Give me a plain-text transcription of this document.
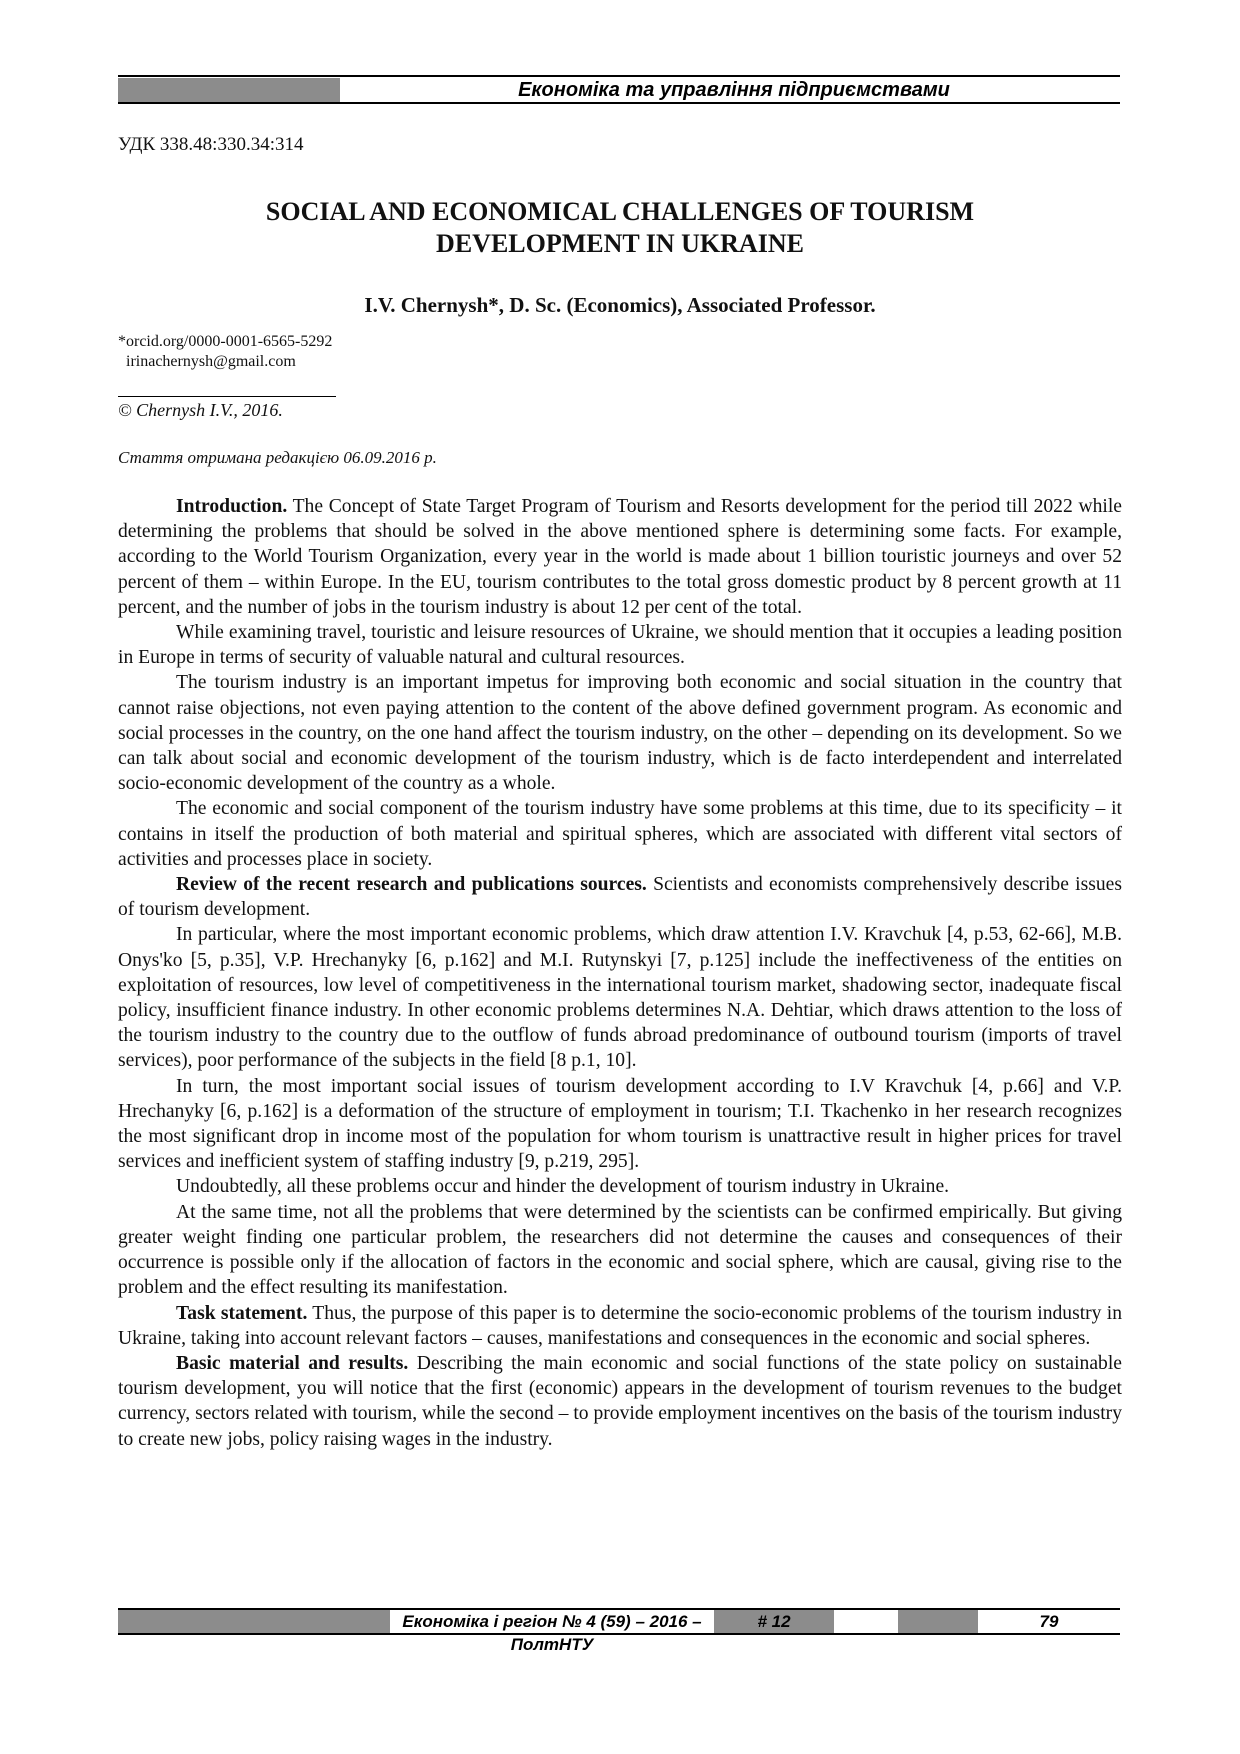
Економіка та управління підприємствами
УДК 338.48:330.34:314
SOCIAL AND ECONOMICAL CHALLENGES OF TOURISM
DEVELOPMENT IN UKRAINE
I.V. Chernysh*, D. Sc. (Economics), Associated Professor.
*orcid.org/0000-0001-6565-5292
irinachernysh@gmail.com
© Chernysh I.V., 2016.
Стаття отримана редакцією 06.09.2016 р.

Introduction. The Concept of State Target Program of Tourism and Resorts development for the period till 2022 while determining the problems that should be solved in the above mentioned sphere is determining some facts. For example, according to the World Tourism Organization, every year in the world is made about 1 billion touristic journeys and over 52 percent of them – within Europe. In the EU, tourism contributes to the total gross domestic product by 8 percent growth at 11 percent, and the number of jobs in the tourism industry is about 12 per cent of the total.

While examining travel, touristic and leisure resources of Ukraine, we should mention that it occupies a leading position in Europe in terms of security of valuable natural and cultural resources.

The tourism industry is an important impetus for improving both economic and social situation in the country that cannot raise objections, not even paying attention to the content of the above defined government program. As economic and social processes in the country, on the one hand affect the tourism industry, on the other – depending on its development. So we can talk about social and economic development of the tourism industry, which is de facto interdependent and interrelated socio-economic development of the country as a whole.

The economic and social component of the tourism industry have some problems at this time, due to its specificity – it contains in itself the production of both material and spiritual spheres, which are associated with different vital sectors of activities and processes place in society.

Review of the recent research and publications sources. Scientists and economists comprehensively describe issues of tourism development.

In particular, where the most important economic problems, which draw attention I.V. Kravchuk [4, p.53, 62-66], M.B. Onys'ko [5, p.35], V.P. Hrechanyky [6, p.162] and M.I. Rutynskyi [7, p.125] include the ineffectiveness of the entities on exploitation of resources, low level of competitiveness in the international tourism market, shadowing sector, inadequate fiscal policy, insufficient finance industry. In other economic problems determines N.A. Dehtiar, which draws attention to the loss of the tourism industry to the country due to the outflow of funds abroad predominance of outbound tourism (imports of travel services), poor performance of the subjects in the field [8 p.1, 10].

In turn, the most important social issues of tourism development according to I.V Kravchuk [4, p.66] and V.P. Hrechanyky [6, p.162] is a deformation of the structure of employment in tourism; T.I. Tkachenko in her research recognizes the most significant drop in income most of the population for whom tourism is unattractive result in higher prices for travel services and inefficient system of staffing industry [9, p.219, 295].

Undoubtedly, all these problems occur and hinder the development of tourism industry in Ukraine.

At the same time, not all the problems that were determined by the scientists can be confirmed empirically. But giving greater weight finding one particular problem, the researchers did not determine the causes and consequences of their occurrence is possible only if the allocation of factors in the economic and social sphere, which are causal, giving rise to the problem and the effect resulting its manifestation.

Task statement. Thus, the purpose of this paper is to determine the socio-economic problems of the tourism industry in Ukraine, taking into account relevant factors – causes, manifestations and consequences in the economic and social spheres.

Basic material and results. Describing the main economic and social functions of the state policy on sustainable tourism development, you will notice that the first (economic) appears in the development of tourism revenues to the budget currency, sectors related with tourism, while the second – to provide employment incentives on the basis of the tourism industry to create new jobs, policy raising wages in the industry.

Економіка і регіон № 4 (59) – 2016 – ПолтНТУ
# 12	79
